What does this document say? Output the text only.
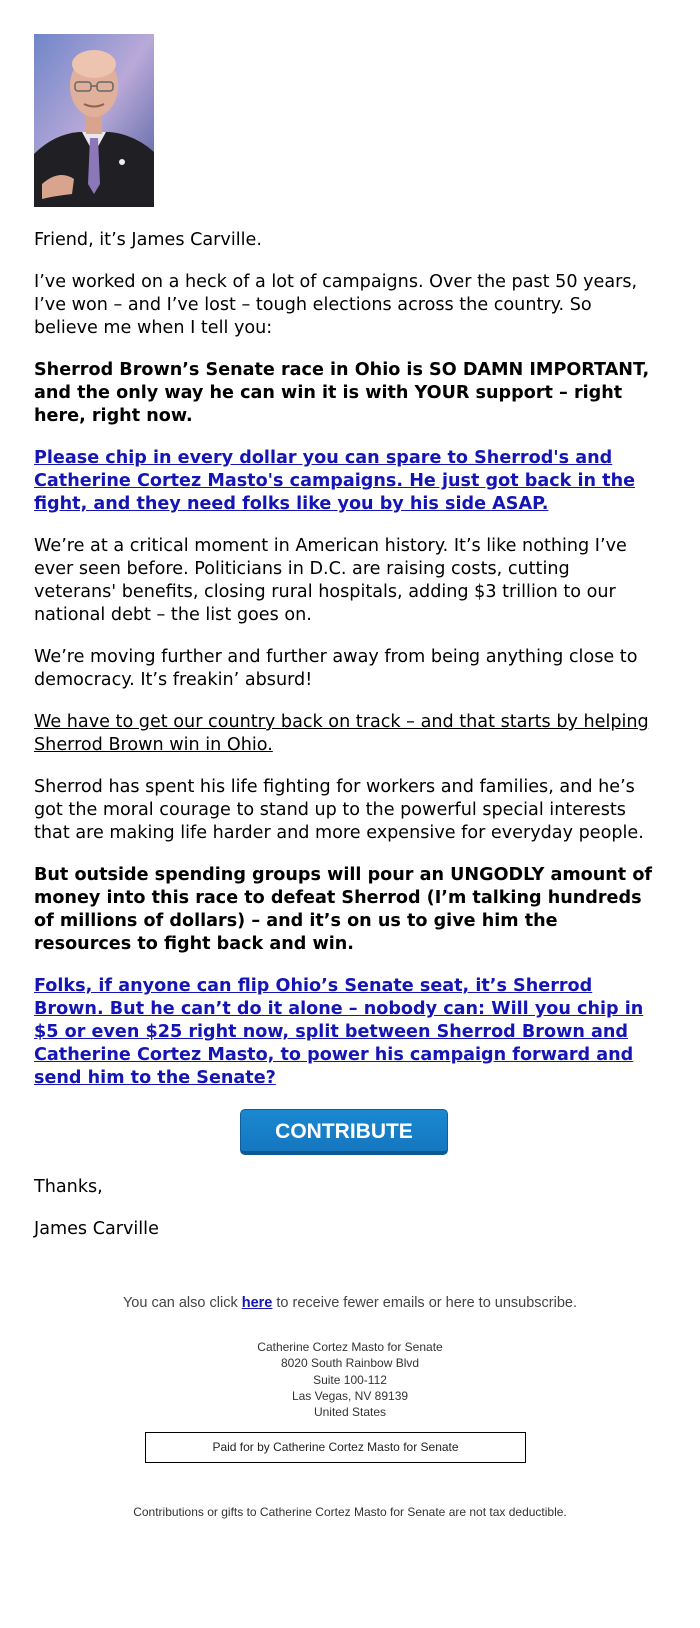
Friend, it’s James Carville.

I’ve worked on a heck of a lot of campaigns. Over the past 50 years, I’ve won – and I’ve lost – tough elections across the country. So believe me when I tell you:

Sherrod Brown’s Senate race in Ohio is SO DAMN IMPORTANT, and the only way he can win it is with YOUR support – right here, right now.

Please chip in every dollar you can spare to Sherrod's and Catherine Cortez Masto's campaigns. He just got back in the fight, and they need folks like you by his side ASAP.

We’re at a critical moment in American history. It’s like nothing I’ve ever seen before. Politicians in D.C. are raising costs, cutting veterans' benefits, closing rural hospitals, adding $3 trillion to our national debt – the list goes on.

We’re moving further and further away from being anything close to democracy. It’s freakin’ absurd!

We have to get our country back on track – and that starts by helping Sherrod Brown win in Ohio.

Sherrod has spent his life fighting for workers and families, and he’s got the moral courage to stand up to the powerful special interests that are making life harder and more expensive for everyday people.

But outside spending groups will pour an UNGODLY amount of money into this race to defeat Sherrod (I’m talking hundreds of millions of dollars) – and it’s on us to give him the resources to fight back and win.

Folks, if anyone can flip Ohio’s Senate seat, it’s Sherrod Brown. But he can’t do it alone – nobody can: Will you chip in $5 or even $25 right now, split between Sherrod Brown and Catherine Cortez Masto, to power his campaign forward and send him to the Senate?

CONTRIBUTE

Thanks,

James Carville

You can also click here to receive fewer emails or here to unsubscribe.
Catherine Cortez Masto for Senate
8020 South Rainbow Blvd
Suite 100-112
Las Vegas, NV 89139
United States
Paid for by Catherine Cortez Masto for Senate
Contributions or gifts to Catherine Cortez Masto for Senate are not tax deductible.
